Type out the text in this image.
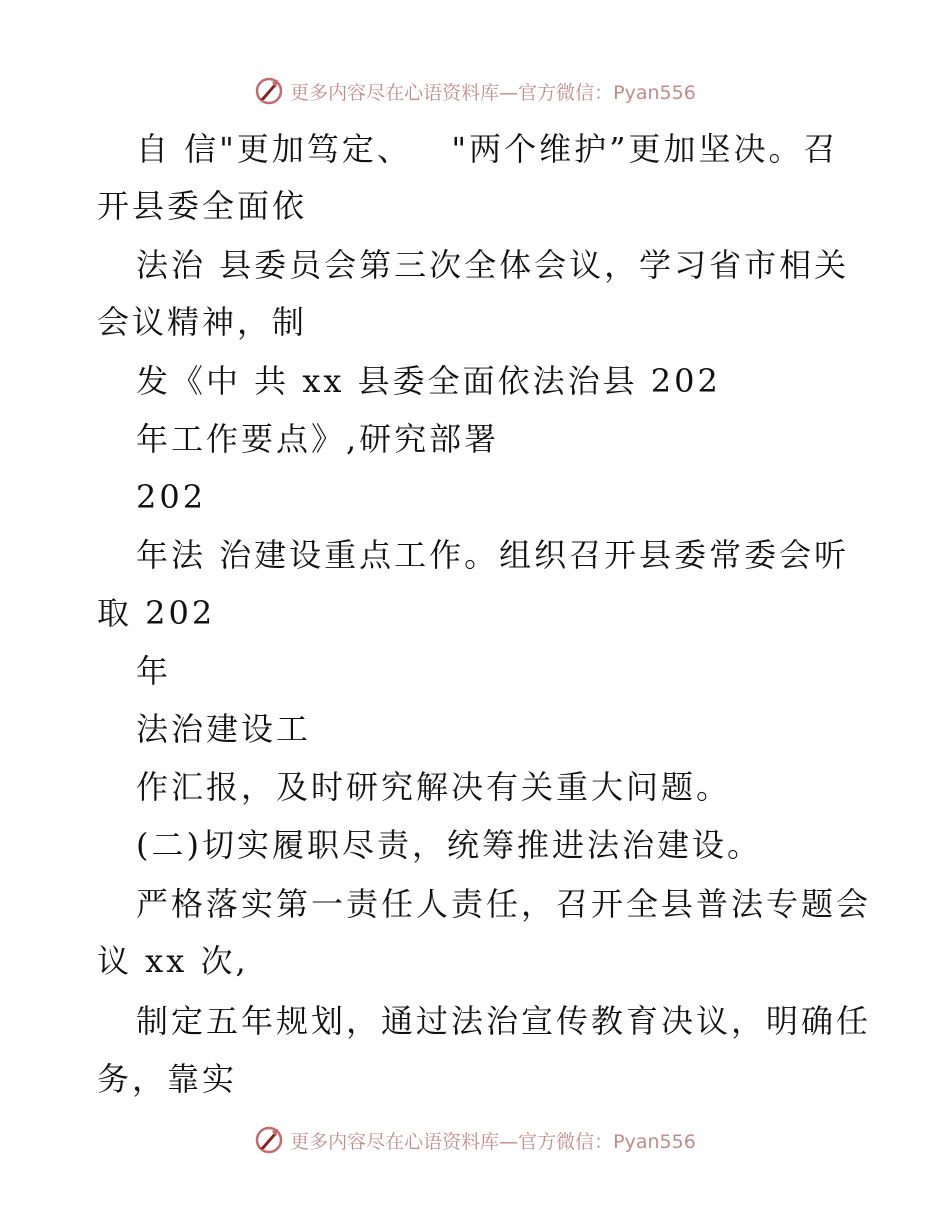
更多内容尽在心语资料库—官方微信：Pyan556
自 信"更加笃定、   "两个维护”更加坚决。召
开县委全面依
法治 县委员会第三次全体会议，学习省市相关
会议精神，制
发《中 共 xx 县委全面依法治县 202
年工作要点》,研究部署
202
年法 治建设重点工作。组织召开县委常委会听
取 202
年
法治建设工
作汇报，及时研究解决有关重大问题。
(二)切实履职尽责，统筹推进法治建设。
严格落实第一责任人责任，召开全县普法专题会
议 xx 次,
制定五年规划，通过法治宣传教育决议，明确任
务，靠实
更多内容尽在心语资料库—官方微信：Pyan556
